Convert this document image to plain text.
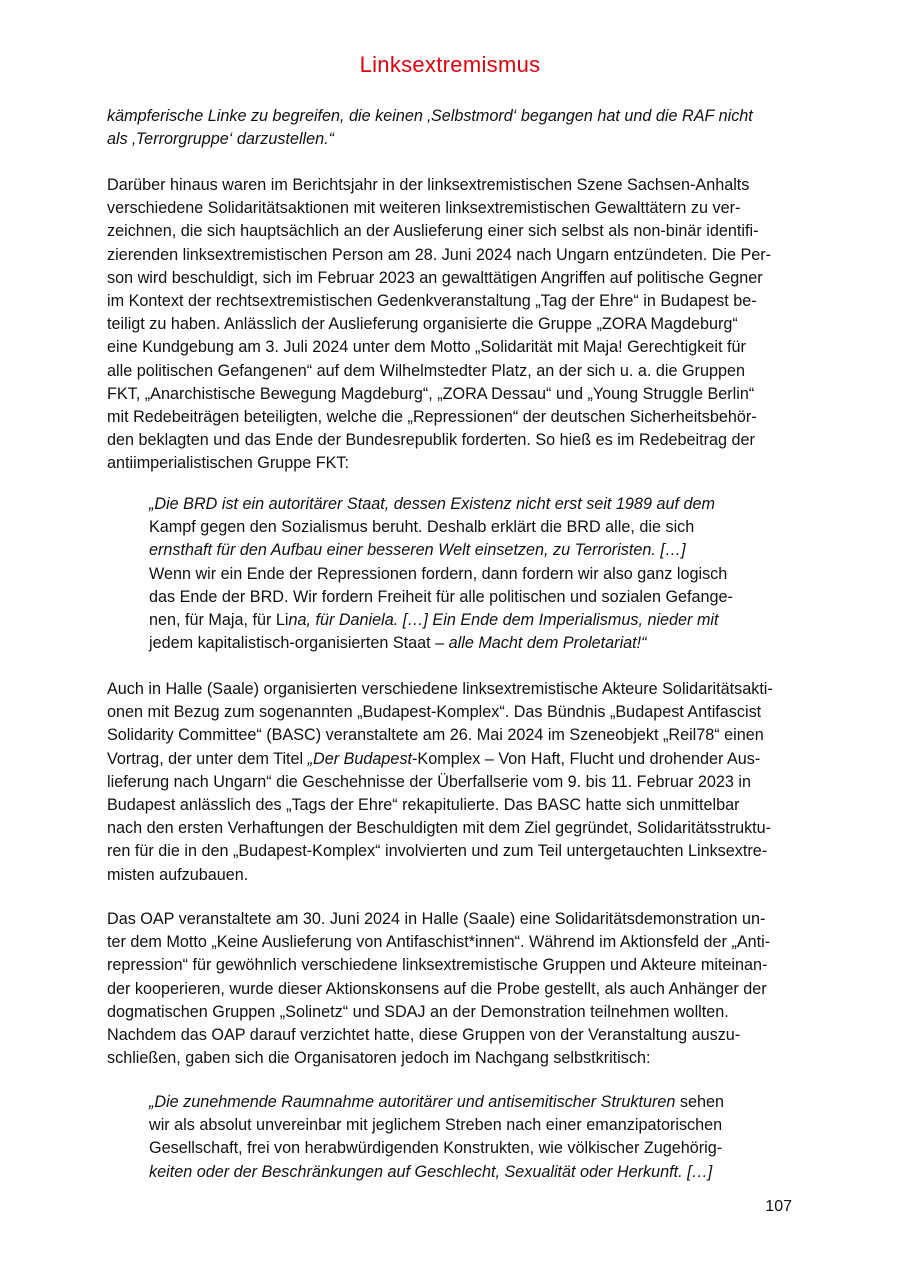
Linksextremismus
kämpferische Linke zu begreifen, die keinen ‚Selbstmord‘ begangen hat und die RAF nicht
als ‚Terrorgruppe‘ darzustellen.“
Darüber hinaus waren im Berichtsjahr in der linksextremistischen Szene Sachsen-Anhalts
verschiedene Solidaritätsaktionen mit weiteren linksextremistischen Gewalttätern zu ver-
zeichnen, die sich hauptsächlich an der Auslieferung einer sich selbst als non-binär identifi-
zierenden linksextremistischen Person am 28. Juni 2024 nach Ungarn entzündeten. Die Per-
son wird beschuldigt, sich im Februar 2023 an gewalttätigen Angriffen auf politische Gegner
im Kontext der rechtsextremistischen Gedenkveranstaltung „Tag der Ehre“ in Budapest be-
teiligt zu haben. Anlässlich der Auslieferung organisierte die Gruppe „ZORA Magdeburg“
eine Kundgebung am 3. Juli 2024 unter dem Motto „Solidarität mit Maja! Gerechtigkeit für
alle politischen Gefangenen“ auf dem Wilhelmstedter Platz, an der sich u. a. die Gruppen
FKT, „Anarchistische Bewegung Magdeburg“, „ZORA Dessau“ und „Young Struggle Berlin“
mit Redebeiträgen beteiligten, welche die „Repressionen“ der deutschen Sicherheitsbehör-
den beklagten und das Ende der Bundesrepublik forderten. So hieß es im Redebeitrag der
antiimperialistischen Gruppe FKT:
„Die BRD ist ein autoritärer Staat, dessen Existenz nicht erst seit 1989 auf dem
Kampf gegen den Sozialismus beruht. Deshalb erklärt die BRD alle, die sich
ernsthaft für den Aufbau einer besseren Welt einsetzen, zu Terroristen. […]
Wenn wir ein Ende der Repressionen fordern, dann fordern wir also ganz logisch
das Ende der BRD. Wir fordern Freiheit für alle politischen und sozialen Gefange-
nen, für Maja, für Lina, für Daniela. […] Ein Ende dem Imperialismus, nieder mit
jedem kapitalistisch-organisierten Staat – alle Macht dem Proletariat!“
Auch in Halle (Saale) organisierten verschiedene linksextremistische Akteure Solidaritätsakti-
onen mit Bezug zum sogenannten „Budapest-Komplex“. Das Bündnis „Budapest Antifascist
Solidarity Committee“ (BASC) veranstaltete am 26. Mai 2024 im Szeneobjekt „Reil78“ einen
Vortrag, der unter dem Titel „Der Budapest-Komplex – Von Haft, Flucht und drohender Aus-
lieferung nach Ungarn“ die Geschehnisse der Überfallserie vom 9. bis 11. Februar 2023 in
Budapest anlässlich des „Tags der Ehre“ rekapitulierte. Das BASC hatte sich unmittelbar
nach den ersten Verhaftungen der Beschuldigten mit dem Ziel gegründet, Solidaritätsstruktu-
ren für die in den „Budapest-Komplex“ involvierten und zum Teil untergetauchten Linksextre-
misten aufzubauen.
Das OAP veranstaltete am 30. Juni 2024 in Halle (Saale) eine Solidaritätsdemonstration un-
ter dem Motto „Keine Auslieferung von Antifaschist*innen“. Während im Aktionsfeld der „Anti-
repression“ für gewöhnlich verschiedene linksextremistische Gruppen und Akteure miteinan-
der kooperieren, wurde dieser Aktionskonsens auf die Probe gestellt, als auch Anhänger der
dogmatischen Gruppen „Solinetz“ und SDAJ an der Demonstration teilnehmen wollten.
Nachdem das OAP darauf verzichtet hatte, diese Gruppen von der Veranstaltung auszu-
schließen, gaben sich die Organisatoren jedoch im Nachgang selbstkritisch:
„Die zunehmende Raumnahme autoritärer und antisemitischer Strukturen sehen
wir als absolut unvereinbar mit jeglichem Streben nach einer emanzipatorischen
Gesellschaft, frei von herabwürdigenden Konstrukten, wie völkischer Zugehörig-
keiten oder der Beschränkungen auf Geschlecht, Sexualität oder Herkunft. […]
107
